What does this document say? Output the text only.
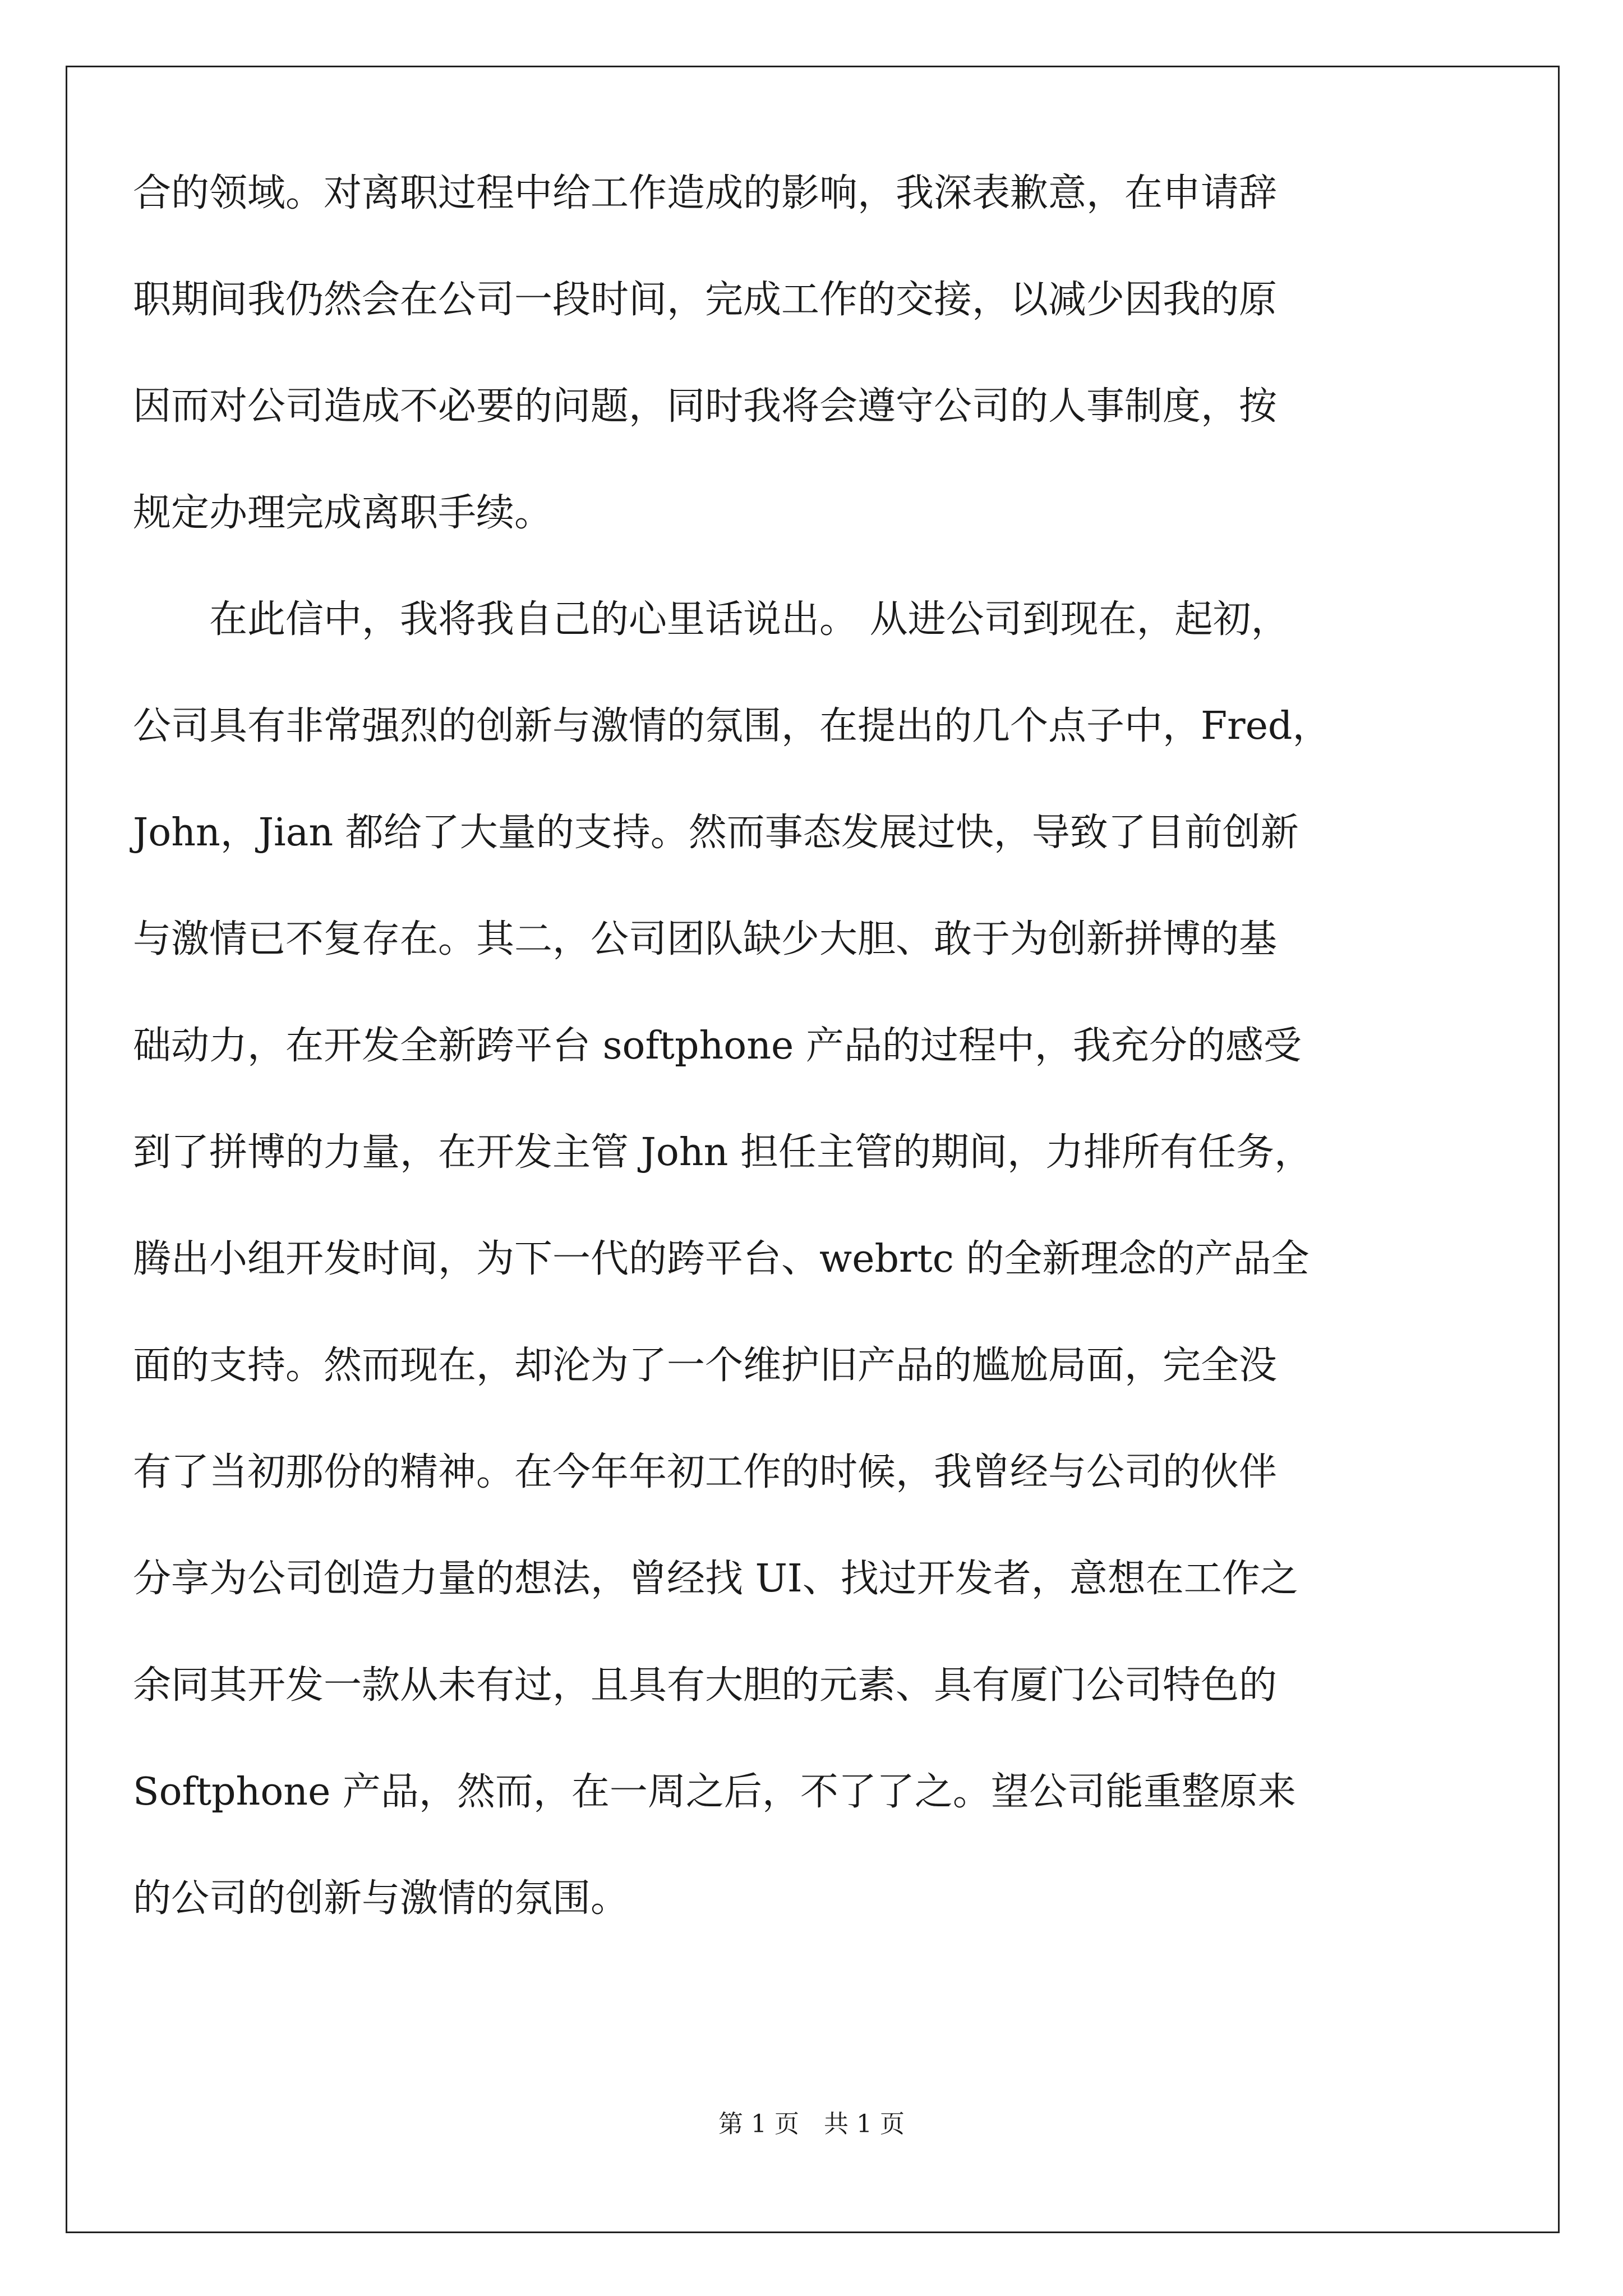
合的领域。对离职过程中给工作造成的影响，我深表歉意，在申请辞
职期间我仍然会在公司一段时间，完成工作的交接，以减少因我的原
因而对公司造成不必要的问题，同时我将会遵守公司的人事制度，按
规定办理完成离职手续。
　　在此信中，我将我自己的心里话说出。 从进公司到现在，起初，
公司具有非常强烈的创新与激情的氛围，在提出的几个点子中，Fred，
John，Jian 都给了大量的支持。然而事态发展过快，导致了目前创新
与激情已不复存在。其二，公司团队缺少大胆、敢于为创新拼博的基
础动力，在开发全新跨平台 softphone 产品的过程中，我充分的感受
到了拼博的力量，在开发主管 John 担任主管的期间，力排所有任务，
腾出小组开发时间，为下一代的跨平台、webrtc 的全新理念的产品全
面的支持。然而现在，却沦为了一个维护旧产品的尴尬局面，完全没
有了当初那份的精神。在今年年初工作的时候，我曾经与公司的伙伴
分享为公司创造力量的想法，曾经找 UI、找过开发者，意想在工作之
余同其开发一款从未有过，且具有大胆的元素、具有厦门公司特色的
Softphone 产品，然而，在一周之后，不了了之。望公司能重整原来
的公司的创新与激情的氛围。
第 1 页　共 1 页
